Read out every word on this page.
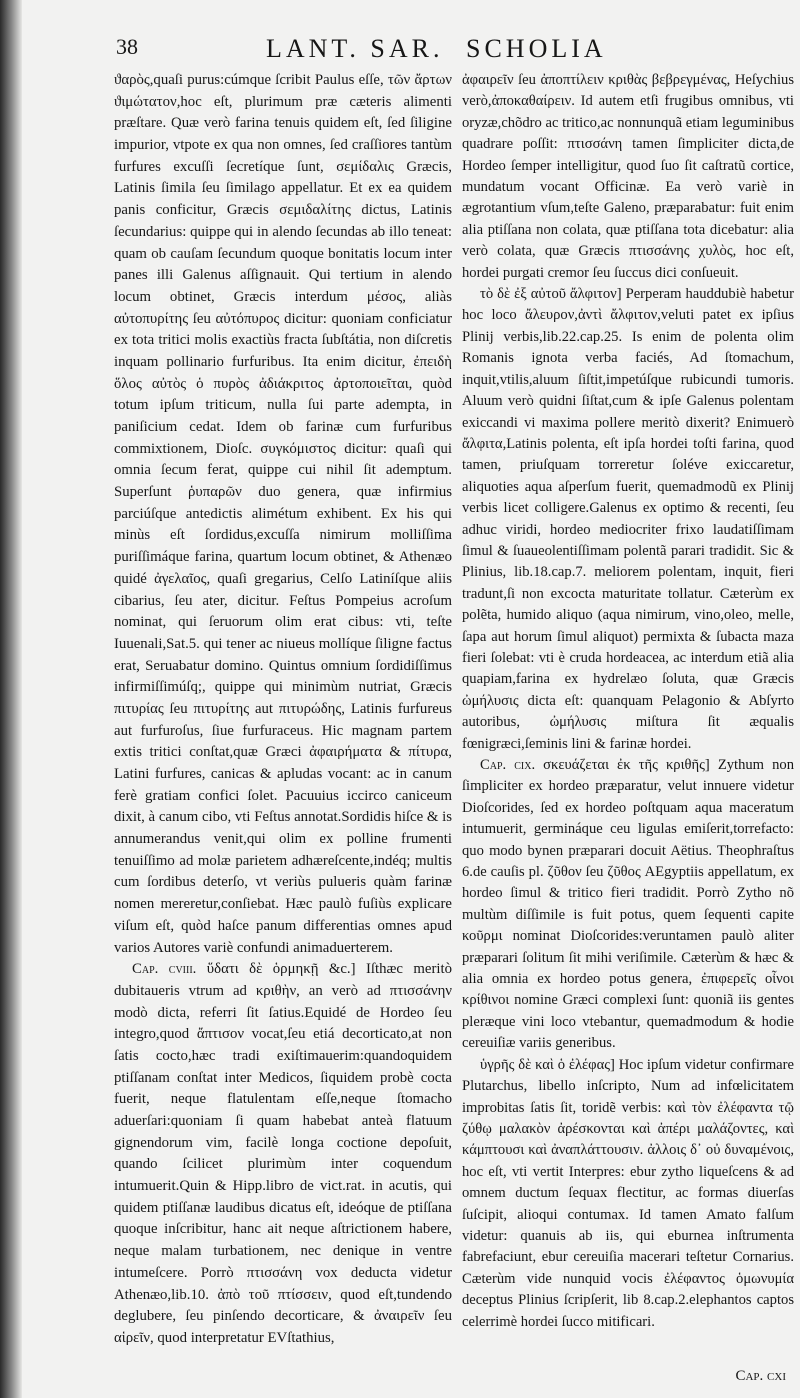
38	LANT. SAR. SCHOLIA

ϑαρὸς,quaſi purus:cúmque ſcribit Paulus eſſe, τῶν ἄρτων ϑιμώτατον,hoc eſt, plurimum præ cæteris alimenti præſtare. Quæ verò farina tenuis quidem eſt, ſed ſiligine impurior, vtpote ex qua non omnes, ſed craſſiores tantùm furfures excuſſi ſecretíque ſunt, σεμίδαλις Græcis, Latinis ſimila ſeu ſimilago appellatur. Et ex ea quidem panis conficitur, Græcis σεμιδαλίτης dictus, Latinis ſecundarius: quippe qui in alendo ſecundas ab illo teneat: quam ob cauſam ſecundum quoque bonitatis locum inter panes illi Galenus aſſignauit. Qui tertium in alendo locum obtinet, Græcis interdum μέσος, aliàs αὐτοπυρίτης ſeu αὐτόπυρος dicitur: quoniam conficiatur ex tota tritici molis exactiùs fracta ſubſtátia, non diſcretis inquam pollinario furfuribus. Ita enim dicitur, ἐπειδὴ ὅλος αὐτὸς ὁ πυρὸς ἀδιάκριτος ἀρτοποιεῖται, quòd totum ipſum triticum, nulla ſui parte adempta, in paniſicium cedat. Idem ob farinæ cum furfuribus commixtionem, Dioſc. συγκόμιστος dicitur: quaſi qui omnia ſecum ferat, quippe cui nihil ſit ademptum. Superſunt ῥυπαρῶν duo genera, quæ infirmius parciúſque antedictis alimétum exhibent. Ex his qui minùs eſt ſordidus,excuſſa nimirum molliſſima puriſſimáque farina, quartum locum obtinet, & Athenæo quidé ἀγελαῖος, quaſi gregarius, Celſo Latiníſque aliis cibarius, ſeu ater, dicitur. Feſtus Pompeius acroſum nominat, qui ſeruorum olim erat cibus: vti, teſte Iuuenali,Sat.5. qui tener ac niueus mollíque ſiligne factus erat, Seruabatur domino. Quintus omnium ſordidiſſimus infirmiſſimúſq;, quippe qui minimùm nutriat, Græcis πιτυρίας ſeu πιτυρίτης aut πιτυρώδης, Latinis furfureus aut furfuroſus, ſiue furfuraceus. Hic magnam partem extis tritici conſtat,quæ Græci ἀφαιρήματα & πίτυρα, Latini furfures, canicas & apludas vocant: ac in canum ferè gratiam confici ſolet. Pacuuius iccirco caniceum dixit, à canum cibo, vti Feſtus annotat.Sordidis hiſce & is annumerandus venit,qui olim ex polline frumenti tenuiſſimo ad molæ parietem adhæreſcente,indéq; multis cum ſordibus deterſo, vt veriùs pulueris quàm farinæ nomen mereretur,conſiebat. Hæc paulò fuſiùs explicare viſum eſt, quòd haſce panum differentias omnes apud varios Autores variè confundi animaduerterem.

Cap. cviii. ὕδατι δὲ ὁρμηκῇ &c.] Iſthæc meritò dubitaueris vtrum ad κριθὴν, an verò ad πτισσάνην modò dicta, referri ſit ſatius.Equidé de Hordeo ſeu integro,quod ἄπτισον vocat,ſeu etiá decorticato,at non ſatis coctо,hæc tradi exiſtimauerim:quandoquidem ptiſſanam conſtat inter Medicos, ſiquidem probè cocta fuerit, neque flatulentam eſſe,neque ſtomacho aduerſari:quoniam ſi quam habebat anteà flatuum gignendorum vim, facilè longa coctione depoſuit, quando ſcilicet plurimùm inter coquendum intumuerit.Quin & Hipp.libro de vict.rat. in acutis, qui quidem ptiſſanæ laudibus dicatus eſt, ideóque de ptiſſana quoque inſcribitur, hanc ait neque aſtrictionem habere, neque malam turbationem, nec denique in ventre intumeſcere. Porrò πτισσάνη vox deducta videtur Athenæo,lib.10. ἀπὸ τοῦ πτίσσειν, quod eſt,tundendo deglubere, ſeu pinſendo decorticare, & ἀναιρεῖν ſeu αἱρεῖν, quod interpretatur EVſtathius,

ἀφαιρεῖν ſeu ἀποπτίλειν κριθὰς βεβρεγμένας, Heſychius verò,ἀποκαθαίρειν. Id autem etſi frugibus omnibus, vti oryzæ,chõdro ac tritico,ac nonnunquã etiam leguminibus quadrare poſſit: πτισσάνη tamen ſimpliciter dicta,de Hordeo ſemper intelligitur, quod ſuo ſit caſtratũ cortice, mundatum vocant Officinæ. Ea verò variè in ægrotantium vſum,teſte Galeno, præparabatur: fuit enim alia ptiſſana non colata, quæ ptiſſana tota dicebatur: alia verò colata, quæ Græcis πτισσάνης χυλὸς, hoc eſt, hordei purgati cremor ſeu ſuccus dici conſueuit.

τὸ δὲ ἐξ αὐτοῦ ἄλφιτον] Perperam hauddubiè habetur hoc loco ἄλευρον,ἀντὶ ἄλφιτον,veluti patet ex ipſius Plinij verbis,lib.22.cap.25. Is enim de polenta olim Romanis ignota verba faciés, Ad ſtomachum, inquit,vtilis,aluum ſiſtit,impetúſque rubicundi tumoris. Aluum verò quidni ſiſtat,cum & ipſe Galenus polentam exiccandi vi maxima pollere meritò dixerit? Enimuerò ἄλφιτα,Latinis polenta, eſt ipſa hordei toſti farina, quod tamen, priuſquam torreretur ſoléve exiccaretur, aliquoties aqua aſperſum fuerit, quemadmodũ ex Plinij verbis licet colligere.Galenus ex optimo & recenti, ſeu adhuc viridi, hordeo mediocriter frixo laudatiſſimam ſimul & ſuaueolentiſſimam polentã parari tradidit. Sic & Plinius, lib.18.cap.7. meliorem polentam, inquit, fieri tradunt,ſi non excocta maturitate tollatur. Cæterùm ex polẽta, humido aliquo (aqua nimirum, vino,oleo, melle, ſapa aut horum ſimul aliquot) permixta & ſubacta maza fieri ſolebat: vti è cruda hordeacea, ac interdum etiã alia quapiam,farina ex hydrelæo ſoluta, quæ Græcis ὠμήλυσις dicta eſt: quanquam Pelagonio & Abſyrto autoribus, ὠμήλυσις miſtura ſit æqualis fœnigræci,ſeminis lini & farinæ hordei.

Cap. cix. σκευάζεται ἐκ τῆς κριθῆς] Zythum non ſimpliciter ex hordeo præparatur, velut innuere videtur Dioſcorides, ſed ex hordeo poſtquam aqua maceratum intumuerit, germináque ceu ligulas emiſerit,torrefacto: quo modo bynen præparari docuit Aëtius. Theophraſtus 6.de cauſis pl. ζῦθον ſeu ζῦθος AEgyptiis appellatum, ex hordeo ſimul & tritico fieri tradidit. Porrò Zytho nõ multùm diſſimile is fuit potus, quem ſequenti capite κοῦρμι nominat Dioſcorides:veruntamen paulò aliter præparari ſolitum ſit mihi veriſimile. Cæterùm & hæc & alia omnia ex hordeo potus genera, ἐπιφερεῖς οἶνοι κρίθινοι nomine Græci complexi ſunt: quoniã iis gentes pleræque vini loco vtebantur, quemadmodum & hodie cereuiſiæ variis generibus.

ὑγρῆς δὲ καὶ ὁ ἐλέφας] Hoc ipſum videtur confirmare Plutarchus, libello inſcripto, Num ad infœlicitatem improbitas ſatis ſit, toridẽ verbis: καὶ τὸν ἐλέφαντα τῷ ζύθῳ μαλακὸν ἀρέσκονται καὶ ἀπέρι μαλάζοντες, καὶ κάμπτουσι καὶ ἀναπλάττουσιν. ἀλλοις δ᾽ οὐ δυναμένοις, hoc eſt, vti vertit Interpres: ebur zytho liqueſcens & ad omnem ductum ſequax flectitur, ac formas diuerſas ſuſcipit, alioqui contumax. Id tamen Amato falſum videtur: quanuis ab iis, qui eburnea inſtrumenta fabrefaciunt, ebur cereuiſia macerari teſtetur Cornarius. Cæterùm vide nunquid vocis ἐλέφαντος ὁμωνυμία deceptus Plinius ſcripſerit, lib 8.cap.2.elephantos captos celerrimè hordei ſucco mitificari.

Cap. cxi
